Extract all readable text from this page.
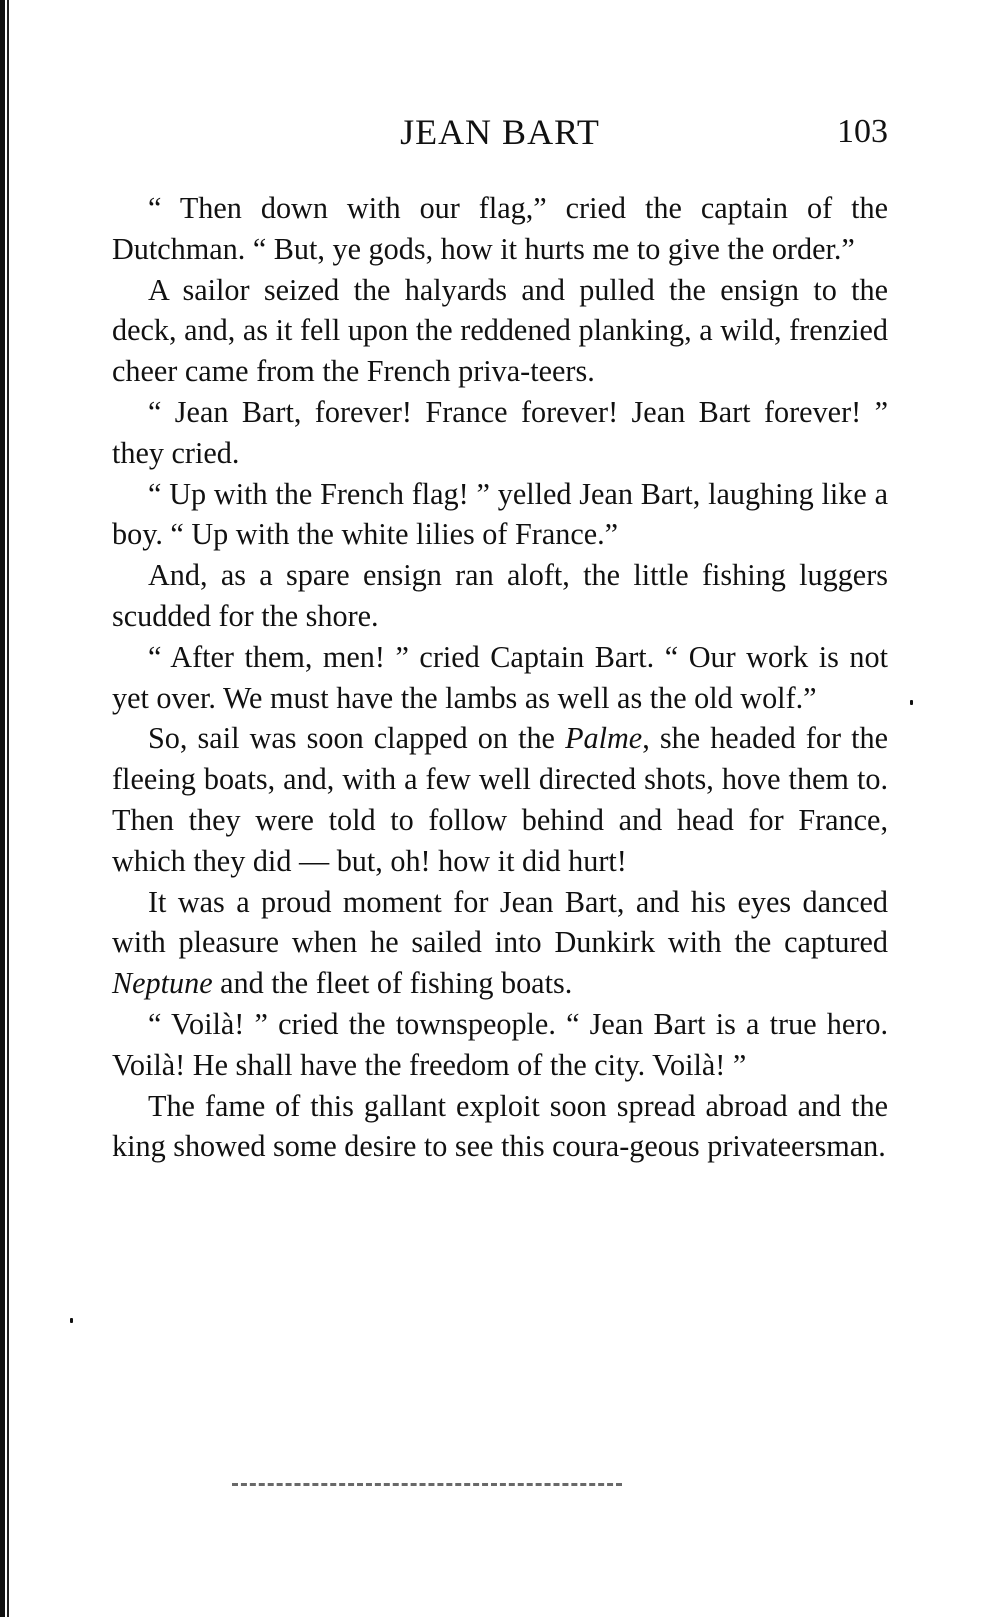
JEAN BART	103

“ Then down with our flag,” cried the captain of the Dutchman. “ But, ye gods, how it hurts me to give the order.”

A sailor seized the halyards and pulled the ensign to the deck, and, as it fell upon the reddened planking, a wild, frenzied cheer came from the French priva-teers.

“ Jean Bart, forever! France forever! Jean Bart forever! ” they cried.

“ Up with the French flag! ” yelled Jean Bart, laughing like a boy. “ Up with the white lilies of France.”

And, as a spare ensign ran aloft, the little fishing luggers scudded for the shore.

“ After them, men! ” cried Captain Bart. “ Our work is not yet over. We must have the lambs as well as the old wolf.”

So, sail was soon clapped on the Palme, she headed for the fleeing boats, and, with a few well directed shots, hove them to. Then they were told to follow behind and head for France, which they did — but, oh! how it did hurt!

It was a proud moment for Jean Bart, and his eyes danced with pleasure when he sailed into Dunkirk with the captured Neptune and the fleet of fishing boats.

“ Voilà! ” cried the townspeople. “ Jean Bart is a true hero. Voilà! He shall have the freedom of the city. Voilà! ”

The fame of this gallant exploit soon spread abroad and the king showed some desire to see this coura-geous privateersman.
